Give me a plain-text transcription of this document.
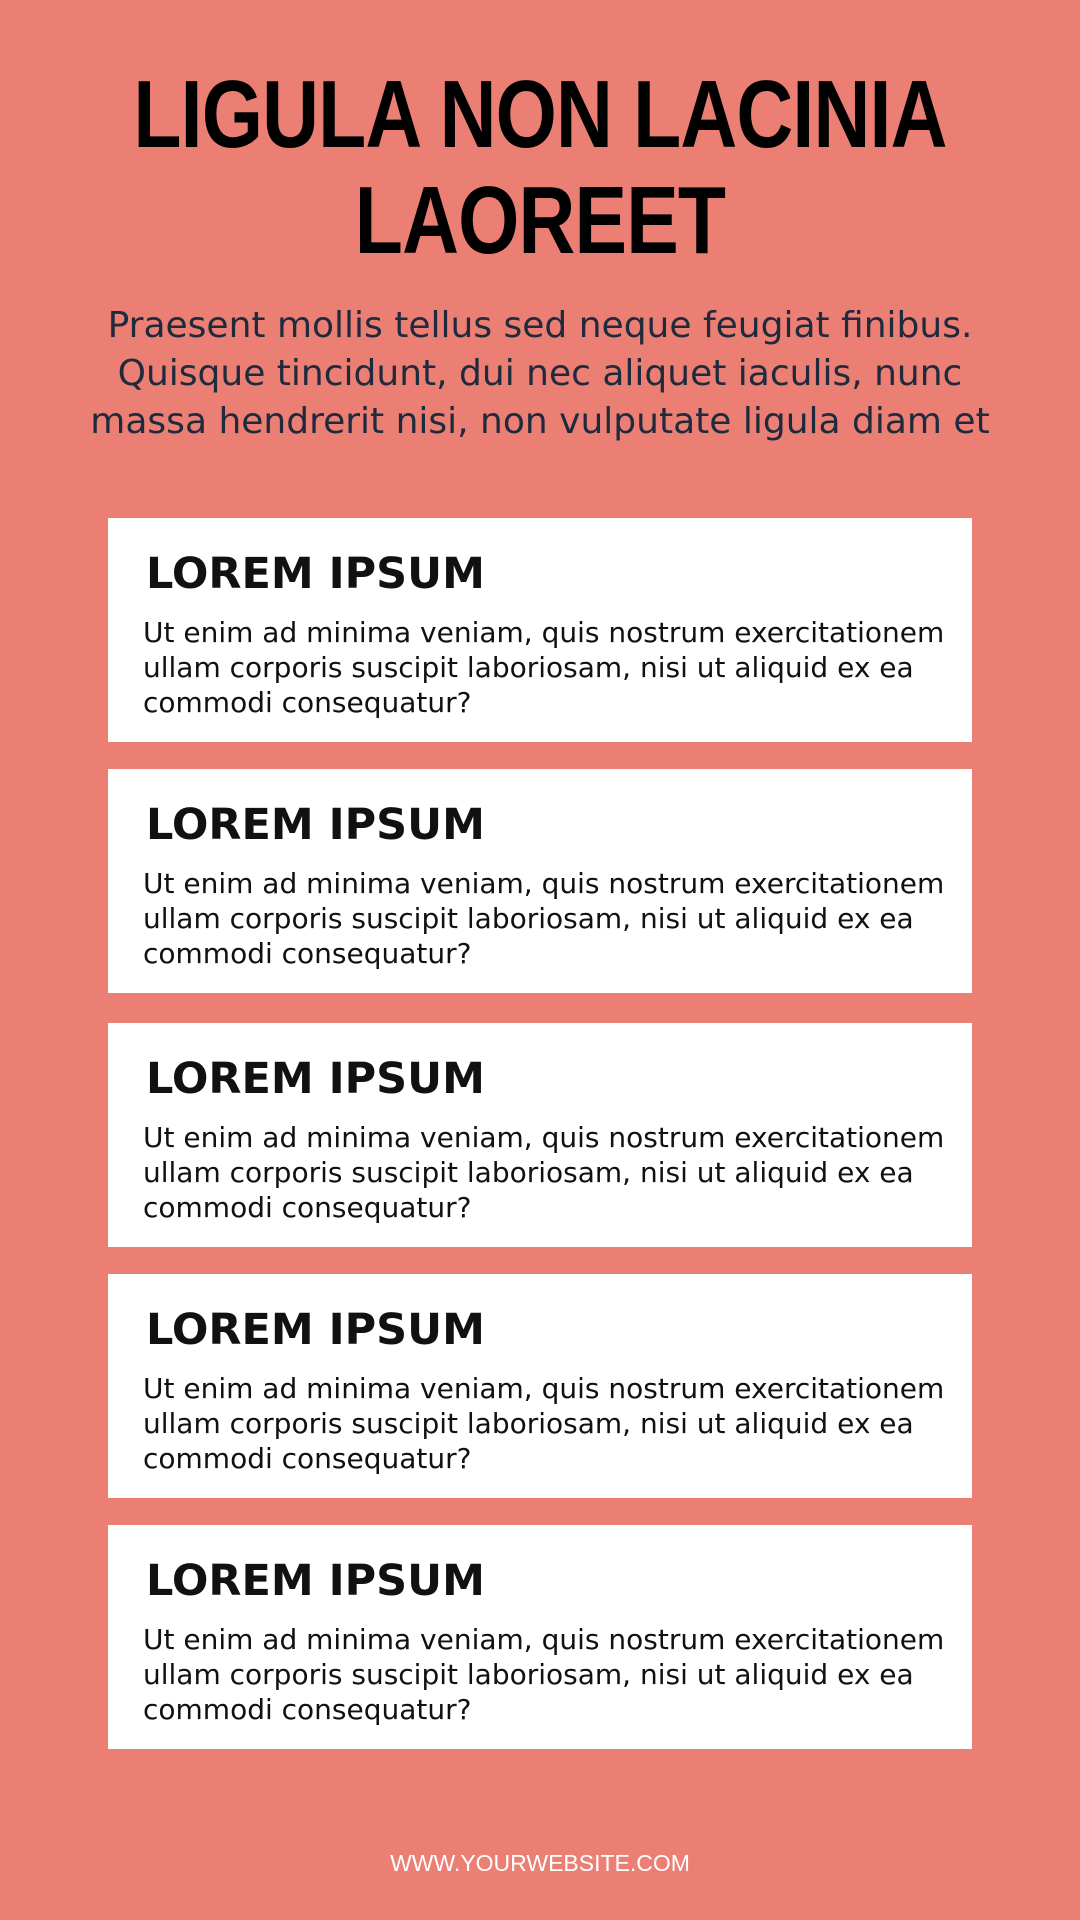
LIGULA NON LACINIA
LAOREET

Praesent mollis tellus sed neque feugiat finibus. Quisque tincidunt, dui nec aliquet iaculis, nunc massa hendrerit nisi, non vulputate ligula diam et

LOREM IPSUM

Ut enim ad minima veniam, quis nostrum exercitationem ullam corporis suscipit laboriosam, nisi ut aliquid ex ea commodi consequatur?

LOREM IPSUM

Ut enim ad minima veniam, quis nostrum exercitationem ullam corporis suscipit laboriosam, nisi ut aliquid ex ea commodi consequatur?

LOREM IPSUM

Ut enim ad minima veniam, quis nostrum exercitationem ullam corporis suscipit laboriosam, nisi ut aliquid ex ea commodi consequatur?

LOREM IPSUM

Ut enim ad minima veniam, quis nostrum exercitationem ullam corporis suscipit laboriosam, nisi ut aliquid ex ea commodi consequatur?

LOREM IPSUM

Ut enim ad minima veniam, quis nostrum exercitationem ullam corporis suscipit laboriosam, nisi ut aliquid ex ea commodi consequatur?

WWW.YOURWEBSITE.COM
